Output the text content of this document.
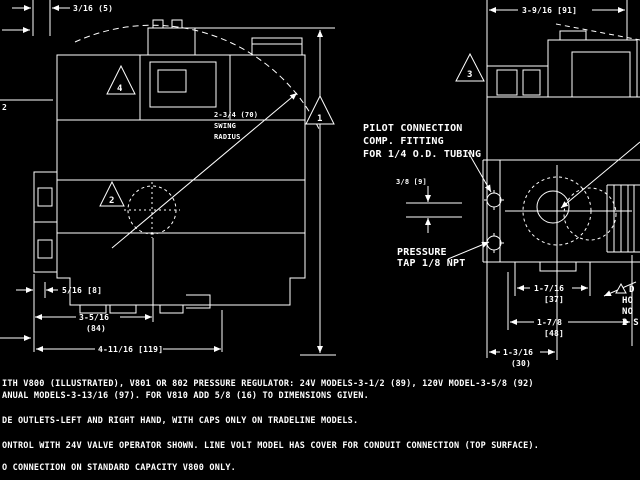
3/16 (5)
2
4
2
1
2-3/4 (70)
SWING
RADIUS
5/16 [8]
3-5/16
(84)
4-11/16 [119]
3-9/16 [91]
3
PILOT CONNECTION
COMP. FITTING
FOR 1/4 O.D. TUBING
3/8 [9]
PRESSURE
TAP 1/8 NPT
1-7/16
[37]
1-7/8
[48]
1-3/16
(30)
D
HO
NO
2 S
ITH V800 (ILLUSTRATED), V801 OR 802 PRESSURE REGULATOR: 24V MODELS-3-1/2 (89), 120V MODEL-3-5/8 (92)
ANUAL MODELS-3-13/16 (97). FOR V810 ADD 5/8 (16) TO DIMENSIONS GIVEN.
DE OUTLETS-LEFT AND RIGHT HAND, WITH CAPS ONLY ON TRADELINE MODELS.
ONTROL WITH 24V VALVE OPERATOR SHOWN. LINE VOLT MODEL HAS COVER FOR CONDUIT CONNECTION (TOP SURFACE).
O CONNECTION ON STANDARD CAPACITY V800 ONLY.
